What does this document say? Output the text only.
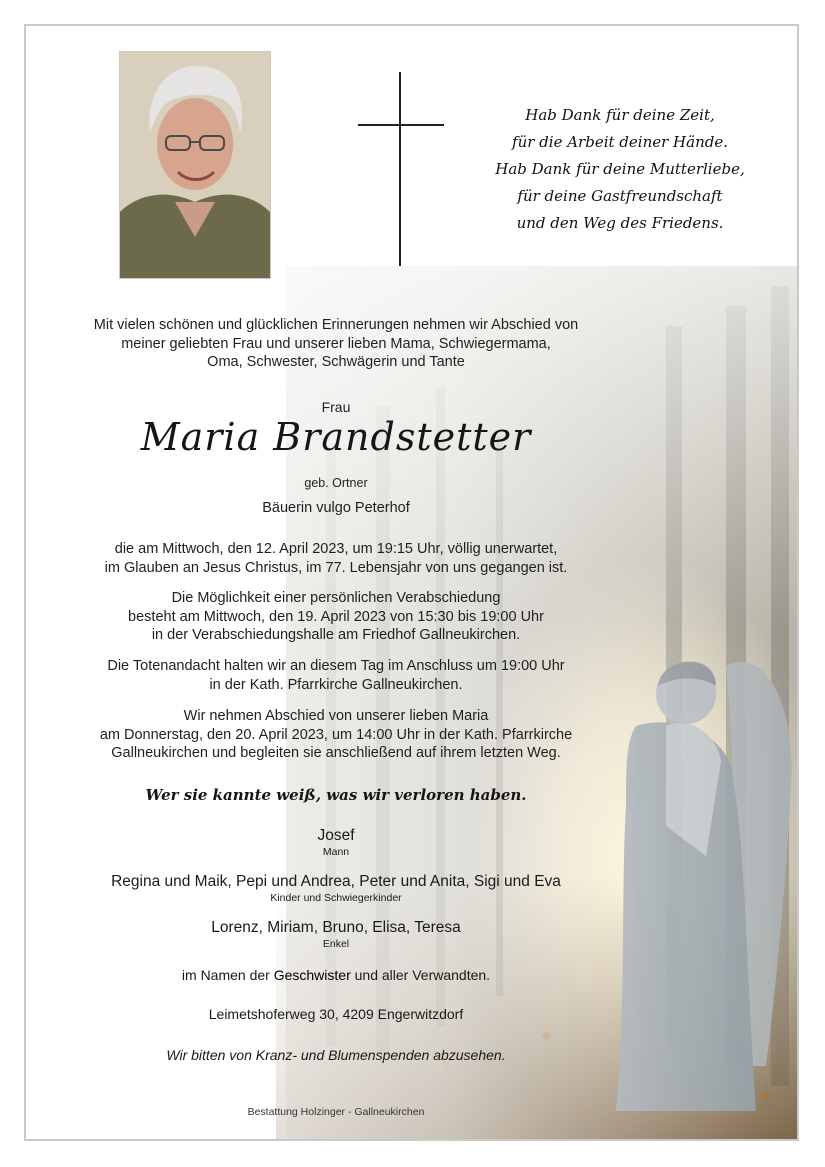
Hab Dank für deine Zeit,
für die Arbeit deiner Hände.
Hab Dank für deine Mutterliebe,
für deine Gastfreundschaft
und den Weg des Friedens.
Mit vielen schönen und glücklichen Erinnerungen nehmen wir Abschied von
meiner geliebten Frau und unserer lieben Mama, Schwiegermama,
Oma, Schwester, Schwägerin und Tante
Frau
Maria Brandstetter
geb. Ortner
Bäuerin vulgo Peterhof
die am Mittwoch, den 12. April 2023, um 19:15 Uhr, völlig unerwartet,
im Glauben an Jesus Christus, im 77. Lebensjahr von uns gegangen ist.
Die Möglichkeit einer persönlichen Verabschiedung
besteht am Mittwoch, den 19. April 2023 von 15:30 bis 19:00 Uhr
in der Verabschiedungshalle am Friedhof Gallneukirchen.
Die Totenandacht halten wir an diesem Tag im Anschluss um 19:00 Uhr
in der Kath. Pfarrkirche Gallneukirchen.
Wir nehmen Abschied von unserer lieben Maria
am Donnerstag, den 20. April 2023, um 14:00 Uhr in der Kath. Pfarrkirche
Gallneukirchen und begleiten sie anschließend auf ihrem letzten Weg.
Wer sie kannte weiß, was wir verloren haben.
Josef
Mann
Regina und Maik, Pepi und Andrea, Peter und Anita, Sigi und Eva
Kinder und Schwiegerkinder
Lorenz, Miriam, Bruno, Elisa, Teresa
Enkel
im Namen der Geschwister und aller Verwandten.
Leimetshoferweg 30, 4209 Engerwitzdorf
Wir bitten von Kranz- und Blumenspenden abzusehen.
Bestattung Holzinger - Gallneukirchen
